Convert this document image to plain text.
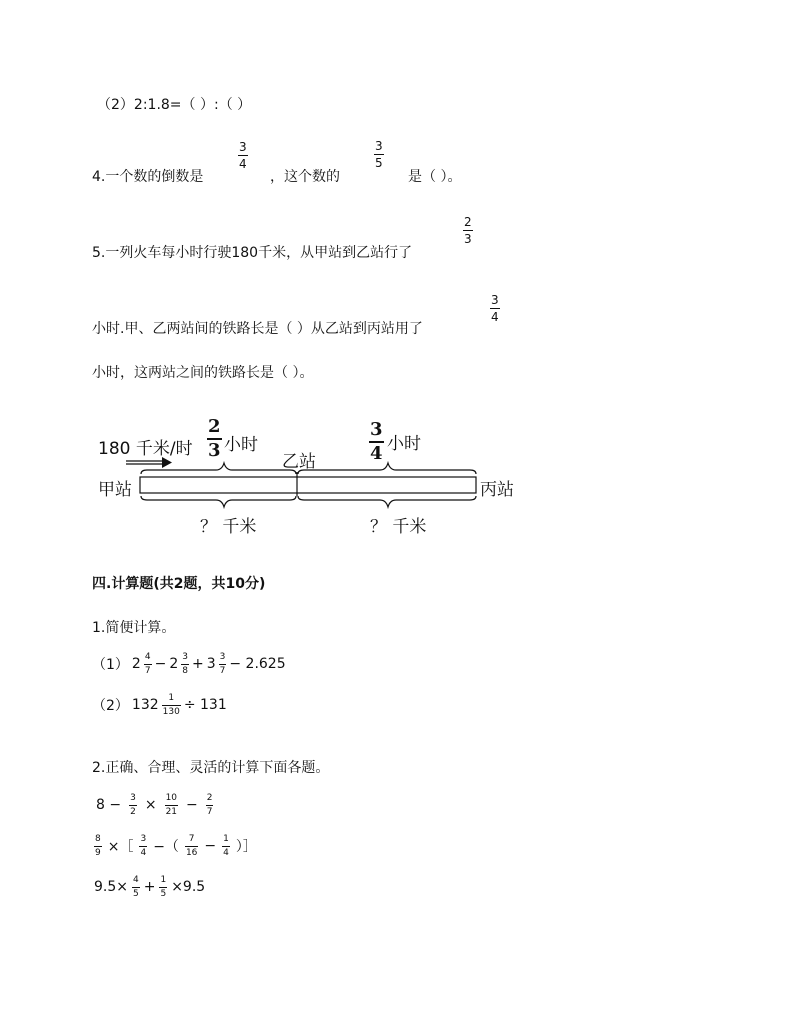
（2）2:1.8=（ ）:（ ）
4.一个数的倒数是
3
4
，这个数的
3
5
是（ ）。
5.一列火车每小时行驶180千米，从甲站到乙站行了
2
3
小时.甲、乙两站间的铁路长是（ ）从乙站到丙站用了
3
4
小时，这两站之间的铁路长是（ ）。
180 千米/时
2
3 小时
3
4 小时
乙站
甲站	丙站
？ 千米	？ 千米
四.计算题(共2题，共10分)
1.简便计算。
（1） $2 \frac{4}{7} - 2 \frac{3}{8} + 3 \frac{3}{7} - 2.625$
（2） $132 \frac{1}{130} \div 131$
2.正确、合理、灵活的计算下面各题。
$8 - \frac{3}{2} \times \frac{10}{21} - \frac{2}{7}$
$\frac{8}{9}$ ×［ $\frac{3}{4}$ −（ $\frac{7}{16} - \frac{1}{4}$ ）］
$9.5\times \frac{4}{5} + \frac{1}{5} \times 9.5$
